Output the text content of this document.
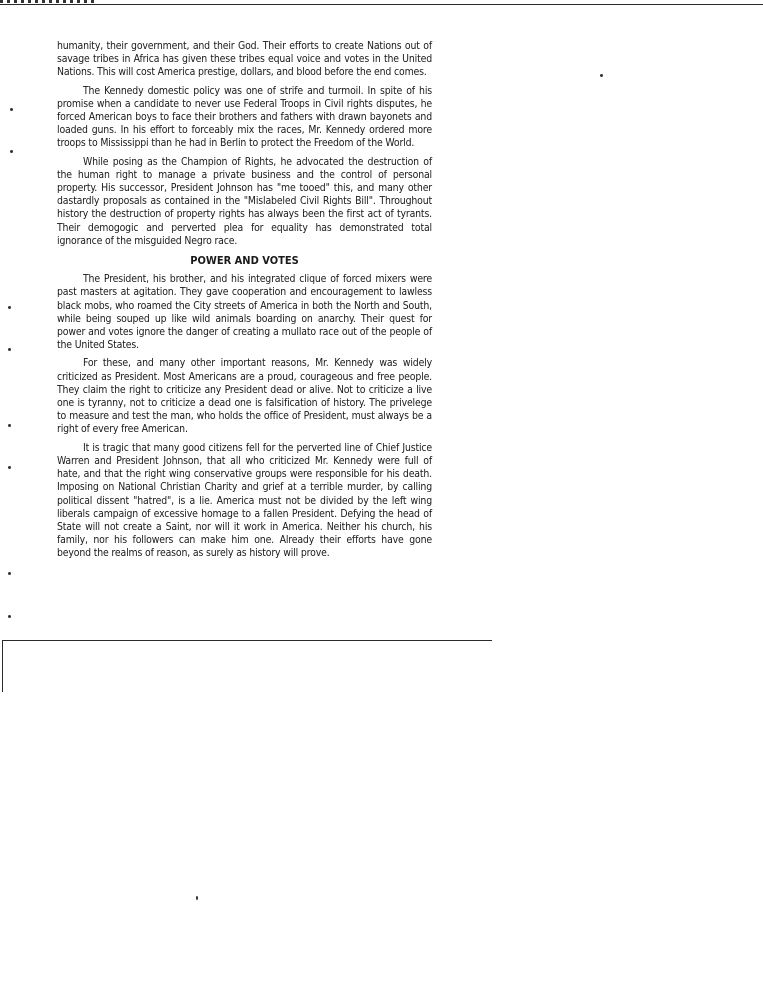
humanity, their government, and their God. Their efforts to create Nations out of savage tribes in Africa has given these tribes equal voice and votes in the United Nations. This will cost America prestige, dollars, and blood before the end comes.

The Kennedy domestic policy was one of strife and turmoil. In spite of his promise when a candidate to never use Federal Troops in Civil rights disputes, he forced American boys to face their brothers and fathers with drawn bayonets and loaded guns. In his effort to forceably mix the races, Mr. Kennedy ordered more troops to Mississippi than he had in Berlin to protect the Freedom of the World.

While posing as the Champion of Rights, he advocated the destruction of the human right to manage a private business and the control of personal property. His successor, President Johnson has "me tooed" this, and many other dastardly proposals as contained in the "Mislabeled Civil Rights Bill". Throughout history the destruction of property rights has always been the first act of tyrants. Their demogogic and perverted plea for equality has demonstrated total ignorance of the misguided Negro race.

POWER AND VOTES

The President, his brother, and his integrated clique of forced mixers were past masters at agitation. They gave cooperation and encouragement to lawless black mobs, who roamed the City streets of America in both the North and South, while being souped up like wild animals boarding on anarchy. Their quest for power and votes ignore the danger of creating a mullato race out of the people of the United States.

For these, and many other important reasons, Mr. Kennedy was widely criticized as President. Most Americans are a proud, courageous and free people. They claim the right to criticize any President dead or alive. Not to criticize a live one is tyranny, not to criticize a dead one is falsification of history. The privelege to measure and test the man, who holds the office of President, must always be a right of every free American.

It is tragic that many good citizens fell for the perverted line of Chief Justice Warren and President Johnson, that all who criticized Mr. Kennedy were full of hate, and that the right wing conservative groups were responsible for his death. Imposing on National Christian Charity and grief at a terrible murder, by calling political dissent "hatred", is a lie. America must not be divided by the left wing liberals campaign of excessive homage to a fallen President. Defying the head of State will not create a Saint, nor will it work in America. Neither his church, his family, nor his followers can make him one. Already their efforts have gone beyond the realms of reason, as surely as history will prove.
